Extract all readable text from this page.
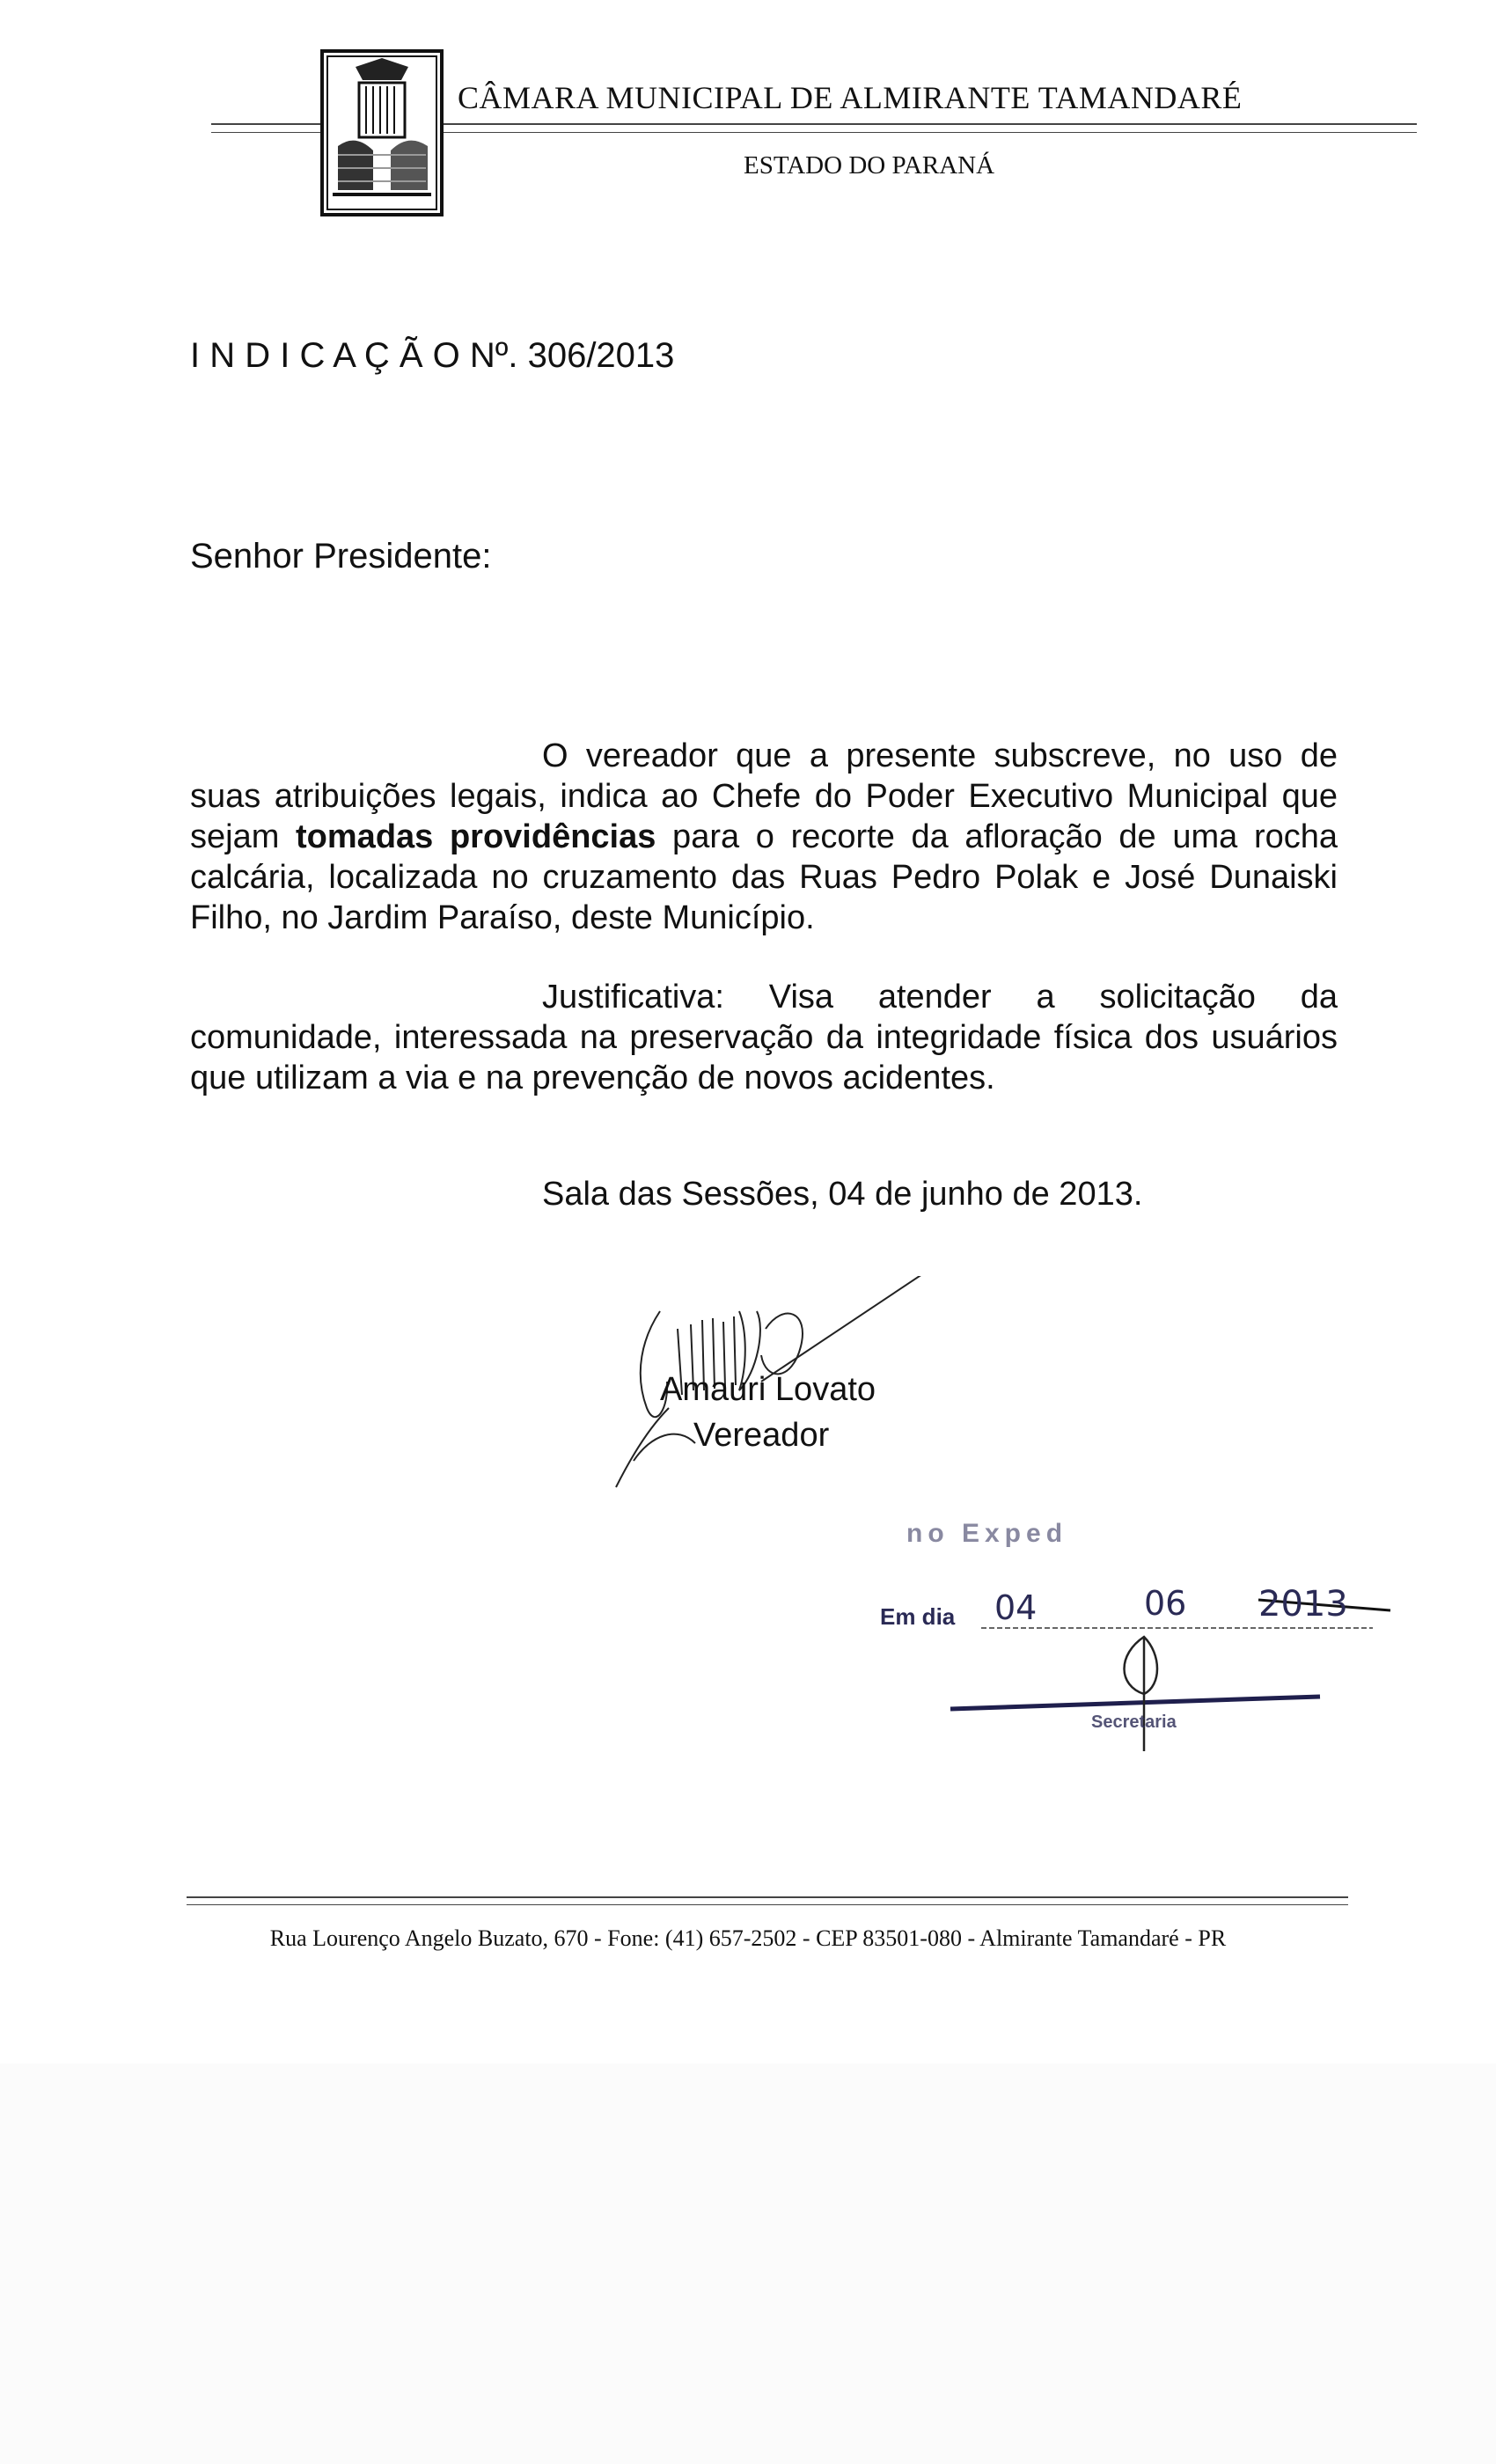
CÂMARA MUNICIPAL DE ALMIRANTE TAMANDARÉ
ESTADO DO PARANÁ
I N D I C A Ç Ã O Nº. 306/2013
Senhor Presidente:
O vereador que a presente subscreve, no uso de suas atribuições legais, indica ao Chefe do Poder Executivo Municipal que sejam tomadas providências para o recorte da afloração de uma rocha calcária, localizada no cruzamento das Ruas Pedro Polak e José Dunaiski Filho, no Jardim Paraíso, deste Município.
Justificativa: Visa atender a solicitação da comunidade, interessada na preservação da integridade física dos usuários que utilizam a via e na prevenção de novos acidentes.
Sala das Sessões, 04 de junho de 2013.
Amauri Lovato
Vereador
no Exped
Em dia 04	06 2013
Secretaria
Rua Lourenço Angelo Buzato, 670 - Fone: (41) 657-2502 - CEP 83501-080 - Almirante Tamandaré - PR
